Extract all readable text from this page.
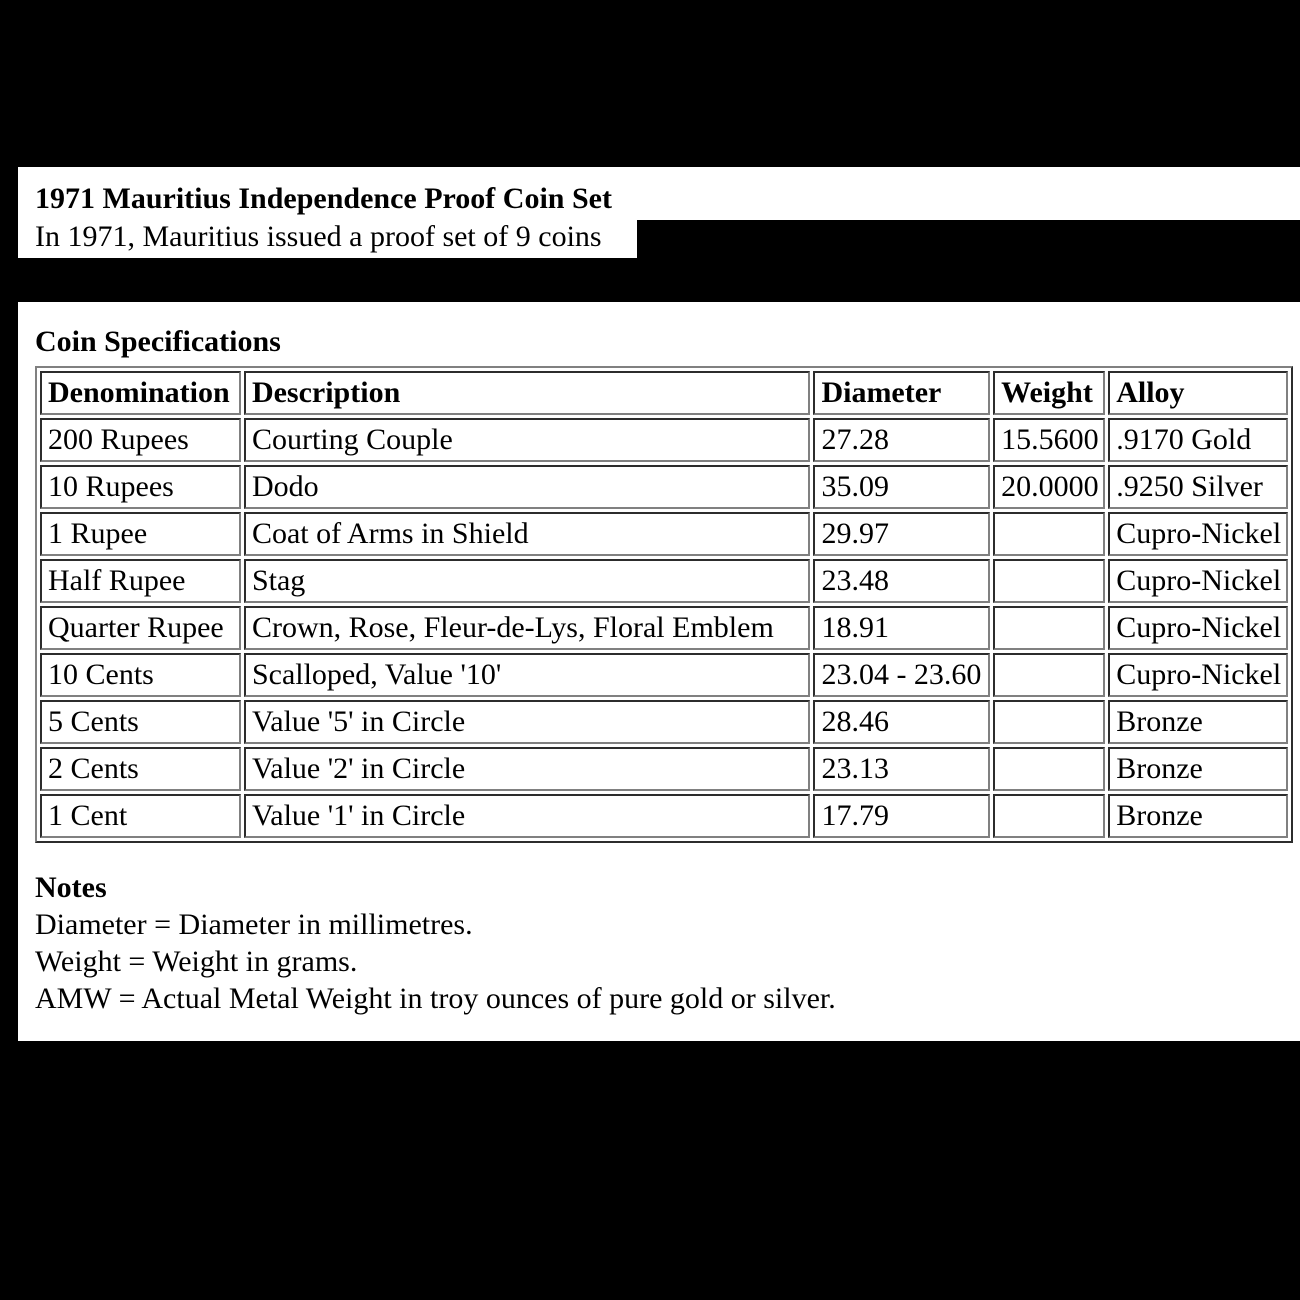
1971 Mauritius Independence Proof Coin Set
In 1971, Mauritius issued a proof set of 9 coins
Coin Specifications
Denomination	Description	Diameter	Weight	Alloy
200 Rupees	Courting Couple	27.28	15.5600	.9170 Gold
10 Rupees	Dodo	35.09	20.0000	.9250 Silver
1 Rupee	Coat of Arms in Shield	29.97		Cupro-Nickel
Half Rupee	Stag	23.48		Cupro-Nickel
Quarter Rupee	Crown, Rose, Fleur-de-Lys, Floral Emblem	18.91		Cupro-Nickel
10 Cents	Scalloped, Value '10'	23.04 - 23.60		Cupro-Nickel
5 Cents	Value '5' in Circle	28.46		Bronze
2 Cents	Value '2' in Circle	23.13		Bronze
1 Cent	Value '1' in Circle	17.79		Bronze
Notes
Diameter = Diameter in millimetres.
Weight = Weight in grams.
AMW = Actual Metal Weight in troy ounces of pure gold or silver.
